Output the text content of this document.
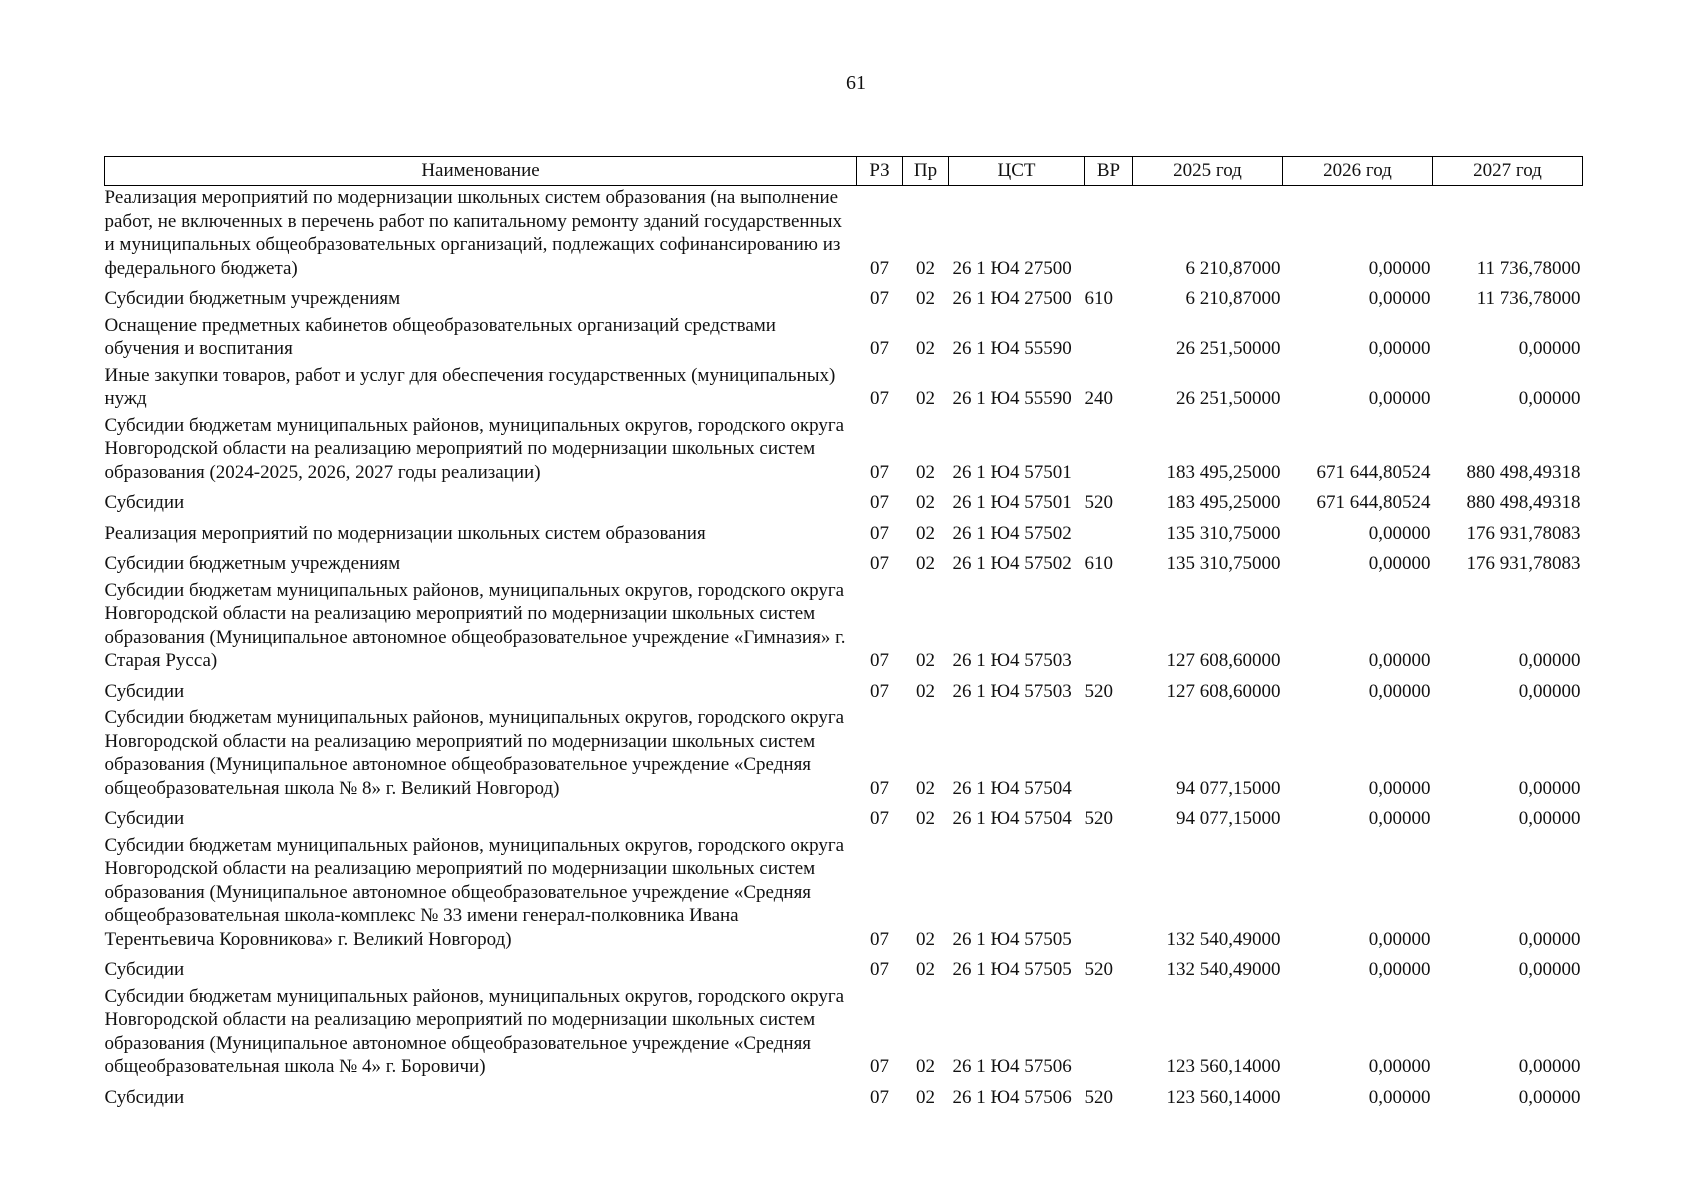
61
Наименование	РЗ	Пр	ЦСТ	ВР	2025 год	2026 год	2027 год
Реализация мероприятий по модернизации школьных систем образования (на выполнение работ, не включенных в перечень работ по капитальному ремонту зданий государственных и муниципальных общеобразовательных организаций, подлежащих софинансированию из федерального бюджета)	07	02	26 1 Ю4 27500		6 210,87000	0,00000	11 736,78000
Субсидии бюджетным учреждениям	07	02	26 1 Ю4 27500	610	6 210,87000	0,00000	11 736,78000
Оснащение предметных кабинетов общеобразовательных организаций средствами обучения и воспитания	07	02	26 1 Ю4 55590		26 251,50000	0,00000	0,00000
Иные закупки товаров, работ и услуг для обеспечения государственных (муниципальных) нужд	07	02	26 1 Ю4 55590	240	26 251,50000	0,00000	0,00000
Субсидии бюджетам муниципальных районов, муниципальных округов, городского округа Новгородской области на реализацию мероприятий по модернизации школьных систем образования (2024-2025, 2026, 2027 годы реализации)	07	02	26 1 Ю4 57501		183 495,25000	671 644,80524	880 498,49318
Субсидии	07	02	26 1 Ю4 57501	520	183 495,25000	671 644,80524	880 498,49318
Реализация мероприятий по модернизации школьных систем образования	07	02	26 1 Ю4 57502		135 310,75000	0,00000	176 931,78083
Субсидии бюджетным учреждениям	07	02	26 1 Ю4 57502	610	135 310,75000	0,00000	176 931,78083
Субсидии бюджетам муниципальных районов, муниципальных округов, городского округа Новгородской области на реализацию мероприятий по модернизации школьных систем образования (Муниципальное автономное общеобразовательное учреждение «Гимназия» г. Старая Русса)	07	02	26 1 Ю4 57503		127 608,60000	0,00000	0,00000
Субсидии	07	02	26 1 Ю4 57503	520	127 608,60000	0,00000	0,00000
Субсидии бюджетам муниципальных районов, муниципальных округов, городского округа Новгородской области на реализацию мероприятий по модернизации школьных систем образования (Муниципальное автономное общеобразовательное учреждение «Средняя общеобразовательная школа № 8» г. Великий Новгород)	07	02	26 1 Ю4 57504		94 077,15000	0,00000	0,00000
Субсидии	07	02	26 1 Ю4 57504	520	94 077,15000	0,00000	0,00000
Субсидии бюджетам муниципальных районов, муниципальных округов, городского округа Новгородской области на реализацию мероприятий по модернизации школьных систем образования (Муниципальное автономное общеобразовательное учреждение «Средняя общеобразовательная школа-комплекс № 33 имени генерал-полковника Ивана Терентьевича Коровникова» г. Великий Новгород)	07	02	26 1 Ю4 57505		132 540,49000	0,00000	0,00000
Субсидии	07	02	26 1 Ю4 57505	520	132 540,49000	0,00000	0,00000
Субсидии бюджетам муниципальных районов, муниципальных округов, городского округа Новгородской области на реализацию мероприятий по модернизации школьных систем образования (Муниципальное автономное общеобразовательное учреждение «Средняя общеобразовательная школа № 4» г. Боровичи)	07	02	26 1 Ю4 57506		123 560,14000	0,00000	0,00000
Субсидии	07	02	26 1 Ю4 57506	520	123 560,14000	0,00000	0,00000
